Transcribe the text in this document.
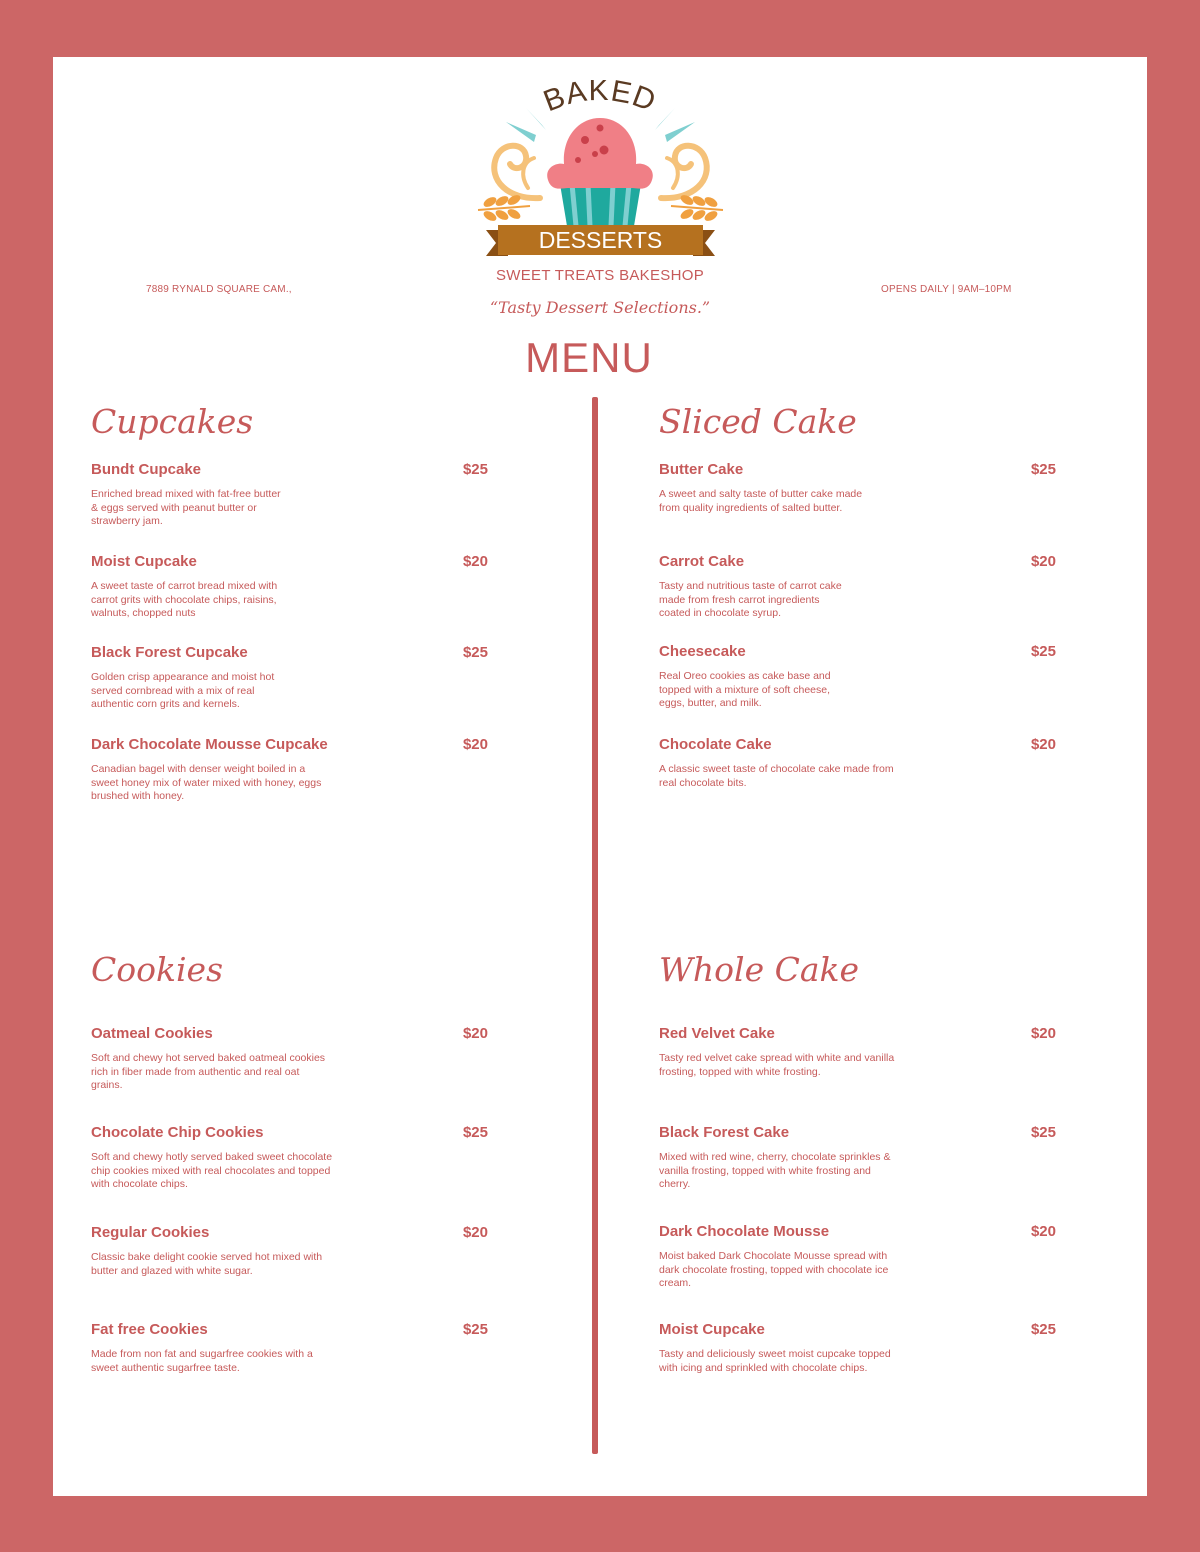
BAKED
DESSERTS
7889 RYNALD SQUARE CAM.,	OPENS DAILY | 9AM–10PM
SWEET TREATS BAKESHOP
“Tasty Dessert Selections.”
MENU
Cupcakes
Bundt Cupcake	$25
Enriched bread mixed with fat-free butter
& eggs served with peanut butter or
strawberry jam.
Moist Cupcake	$20
A sweet taste of carrot bread mixed with
carrot grits with chocolate chips, raisins,
walnuts, chopped nuts
Black Forest Cupcake	$25
Golden crisp appearance and moist hot
served cornbread with a mix of real
authentic corn grits and kernels.
Dark Chocolate Mousse Cupcake	$20
Canadian bagel with denser weight boiled in a
sweet honey mix of water mixed with honey, eggs
brushed with honey.
Sliced Cake
Butter Cake	$25
A sweet and salty taste of butter cake made
from quality ingredients of salted butter.
Carrot Cake	$20
Tasty and nutritious taste of carrot cake
made from fresh carrot ingredients
coated in chocolate syrup.
Cheesecake	$25
Real Oreo cookies as cake base and
topped with a mixture of soft cheese,
eggs, butter, and milk.
Chocolate Cake	$20
A classic sweet taste of chocolate cake made from
real chocolate bits.
Cookies
Oatmeal Cookies	$20
Soft and chewy hot served baked oatmeal cookies
rich in fiber made from authentic and real oat
grains.
Chocolate Chip Cookies	$25
Soft and chewy hotly served baked sweet chocolate
chip cookies mixed with real chocolates and topped
with chocolate chips.
Regular Cookies	$20
Classic bake delight cookie served hot mixed with
butter and glazed with white sugar.
Fat free Cookies	$25
Made from non fat and sugarfree cookies with a
sweet authentic sugarfree taste.
Whole Cake
Red Velvet Cake	$20
Tasty red velvet cake spread with white and vanilla
frosting, topped with white frosting.
Black Forest Cake	$25
Mixed with red wine, cherry, chocolate sprinkles &
vanilla frosting, topped with white frosting and
cherry.
Dark Chocolate Mousse	$20
Moist baked Dark Chocolate Mousse spread with
dark chocolate frosting, topped with chocolate ice
cream.
Moist Cupcake	$25
Tasty and deliciously sweet moist cupcake topped
with icing and sprinkled with chocolate chips.
